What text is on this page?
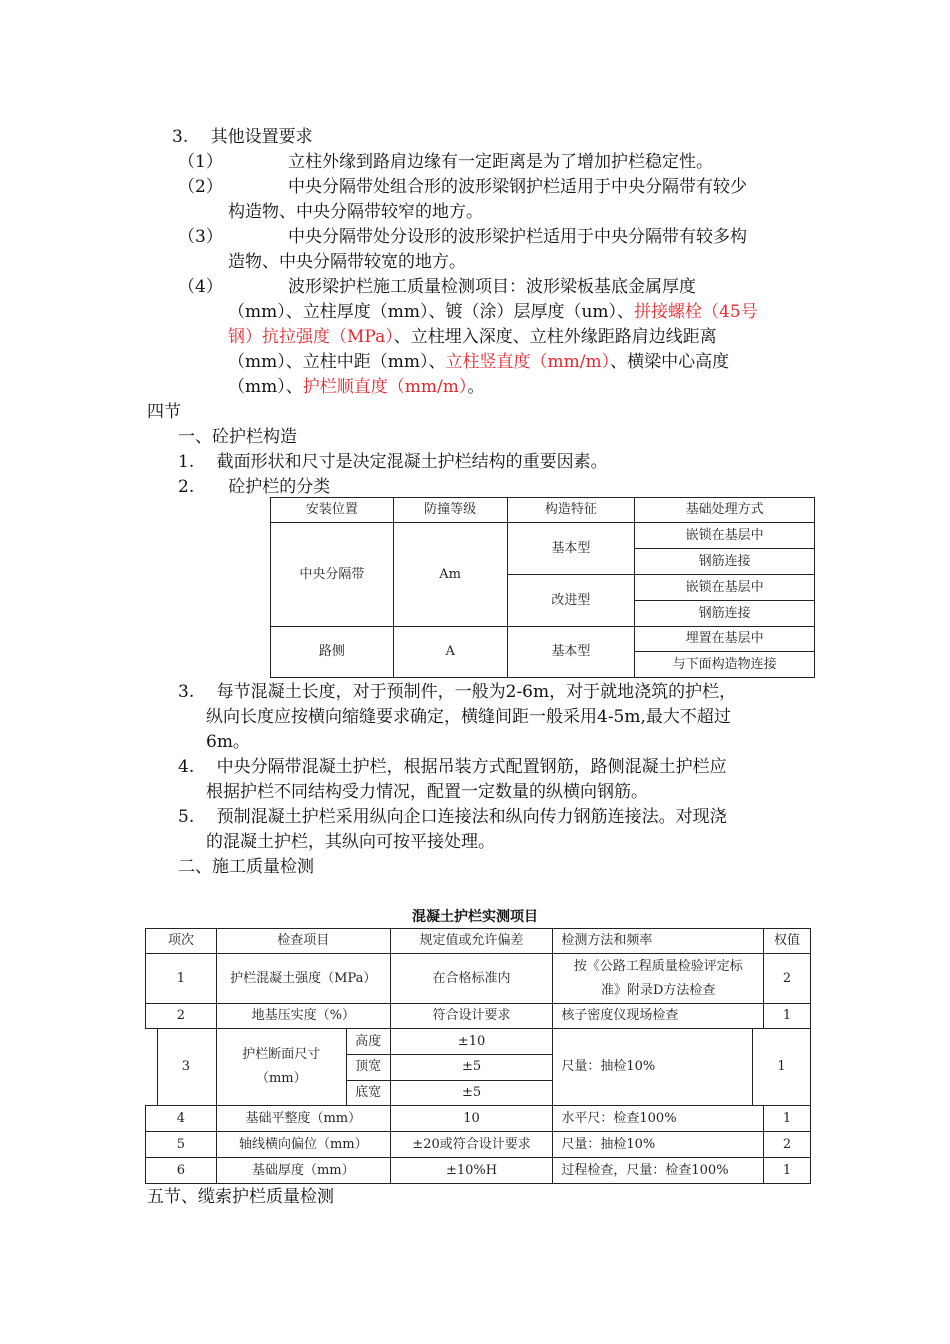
3.　 其他设置要求
（1）	立柱外缘到路肩边缘有一定距离是为了增加护栏稳定性。
（2）	中央分隔带处组合形的波形梁钢护栏适用于中央分隔带有较少
构造物、中央分隔带较窄的地方。
（3）	中央分隔带处分设形的波形梁护栏适用于中央分隔带有较多构
造物、中央分隔带较宽的地方。
（4）	波形梁护栏施工质量检测项目：波形梁板基底金属厚度
（mm）、立柱厚度（mm）、镀（涂）层厚度（um）、拼接螺栓（45号
钢）抗拉强度（MPa）、立柱埋入深度、立柱外缘距路肩边线距离
（mm）、立柱中距（mm）、立柱竖直度（mm/m）、横梁中心高度
（mm）、护栏顺直度（mm/m）。
四节
一、砼护栏构造
1.　 截面形状和尺寸是决定混凝土护栏结构的重要因素。
2.　　砼护栏的分类
安装位置	防撞等级	构造特征	基础处理方式
中央分隔带	Am	基本型	嵌锁在基层中
			钢筋连接
		改进型	嵌锁在基层中
			钢筋连接
路侧	A	基本型	埋置在基层中
			与下面构造物连接
3.　 每节混凝土长度，对于预制件，一般为2-6m，对于就地浇筑的护栏，
纵向长度应按横向缩缝要求确定，横缝间距一般采用4-5m,最大不超过
6m。
4.　 中央分隔带混凝土护栏，根据吊装方式配置钢筋，路侧混凝土护栏应
根据护栏不同结构受力情况，配置一定数量的纵横向钢筋。
5.　 预制混凝土护栏采用纵向企口连接法和纵向传力钢筋连接法。对现浇
的混凝土护栏，其纵向可按平接处理。
二、施工质量检测
混凝土护栏实测项目
项次	检查项目		规定值或允许偏差	检测方法和频率		权值
1	护栏混凝土强度（MPa）		在合格标准内	按《公路工程质量检验评定标
准》附录D方法检查		2
2	地基压实度（%）		符合设计要求	核子密度仪现场检查		1

3	护栏断面尺寸
（mm）	高度	±10	尺量：抽检10%	1	
		顶宽	±5			
		底宽	±5			
4	基础平整度（mm）		10	水平尺：检查100%		1
5	轴线横向偏位（mm）		±20或符合设计要求	尺量：抽检10%		2
6	基础厚度（mm）		±10%H	过程检查，尺量：检查100%		1
五节、缆索护栏质量检测
